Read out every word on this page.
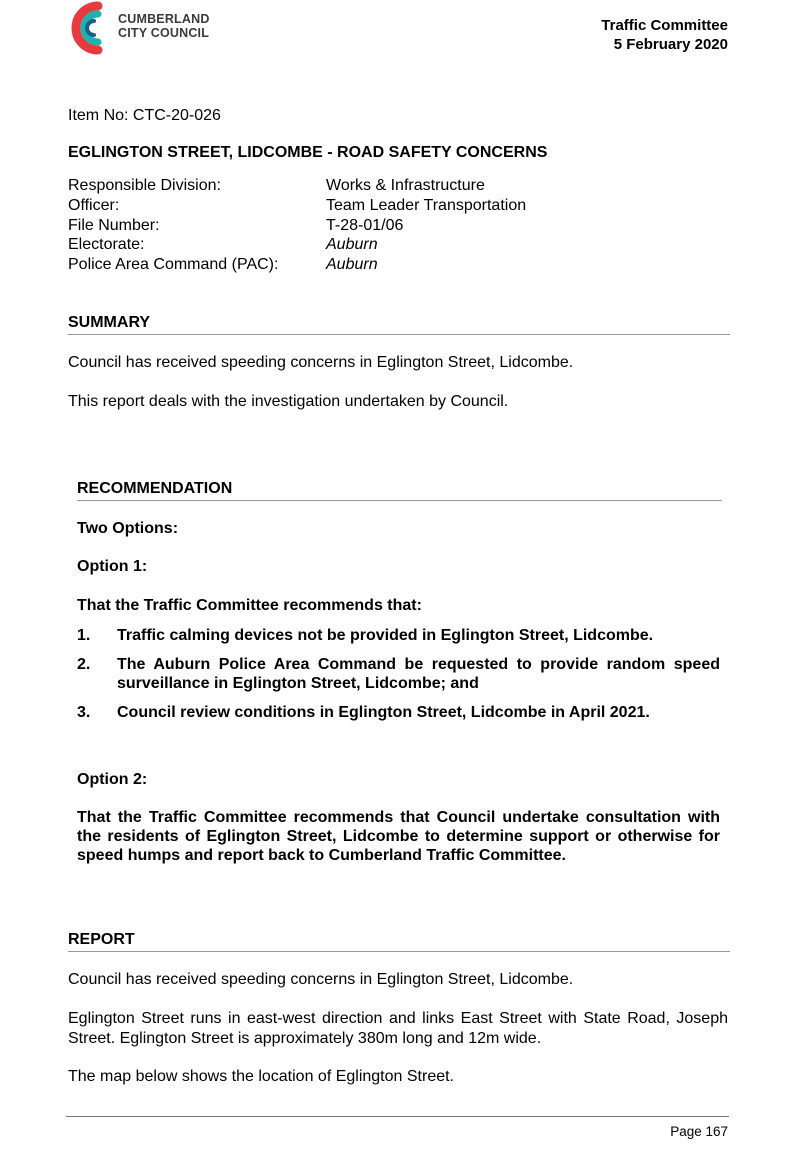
CUMBERLAND
CITY COUNCIL	Traffic Committee
5 February 2020
Item No: CTC-20-026
EGLINGTON STREET, LIDCOMBE - ROAD SAFETY CONCERNS
Responsible Division:	Works & Infrastructure
Officer:	Team Leader Transportation
File Number:	T-28-01/06
Electorate:	Auburn
Police Area Command (PAC):	Auburn
SUMMARY
Council has received speeding concerns in Eglington Street, Lidcombe.
This report deals with the investigation undertaken by Council.
RECOMMENDATION
Two Options:
Option 1:
That the Traffic Committee recommends that:
1.	Traffic calming devices not be provided in Eglington Street, Lidcombe.
2.	The Auburn Police Area Command be requested to provide random speed surveillance in Eglington Street, Lidcombe; and
3.	Council review conditions in Eglington Street, Lidcombe in April 2021.
Option 2:
That the Traffic Committee recommends that Council undertake consultation with the residents of Eglington Street, Lidcombe to determine support or otherwise for speed humps and report back to Cumberland Traffic Committee.
REPORT
Council has received speeding concerns in Eglington Street, Lidcombe.
Eglington Street runs in east-west direction and links East Street with State Road, Joseph Street. Eglington Street is approximately 380m long and 12m wide.
The map below shows the location of Eglington Street.
Page 167
